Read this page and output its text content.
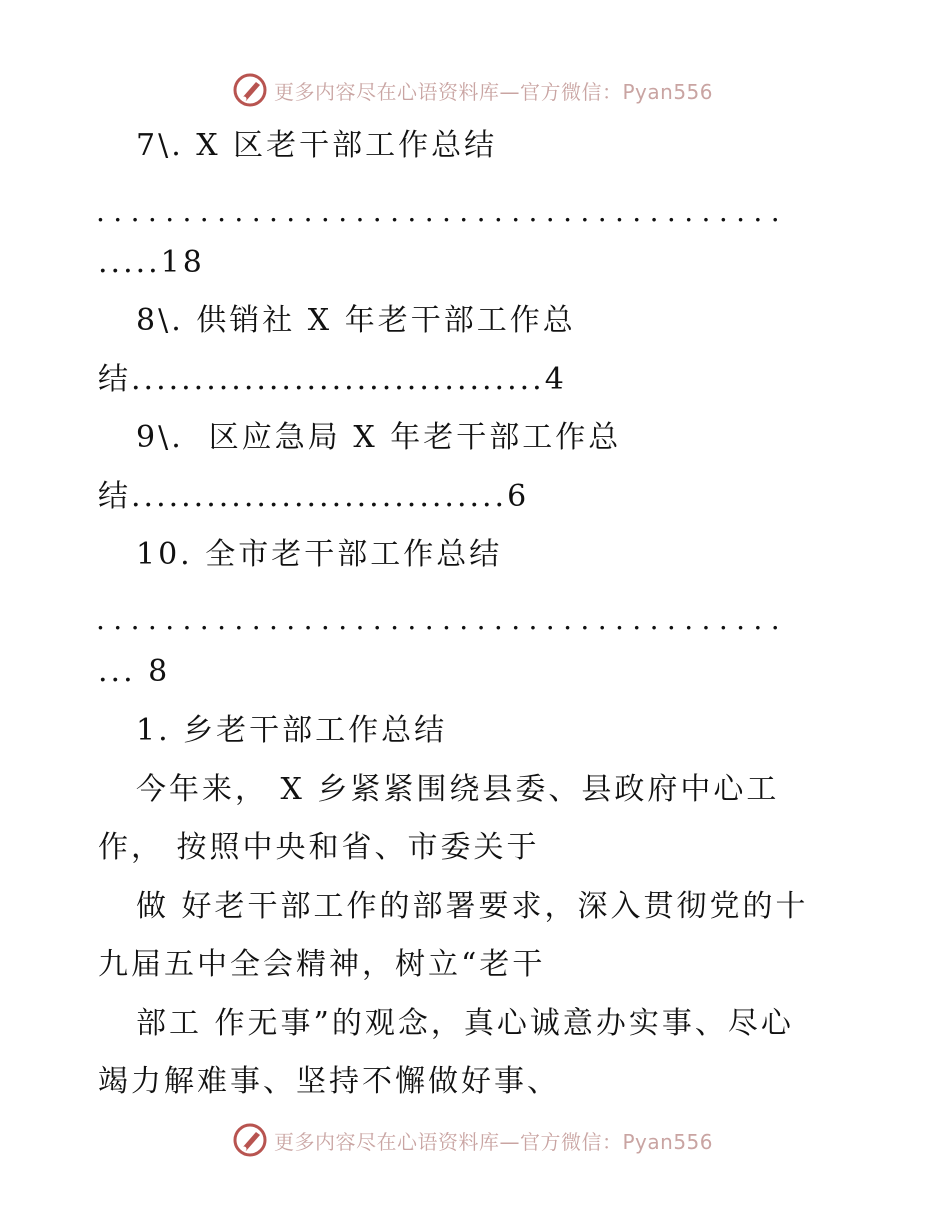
更多内容尽在心语资料库—官方微信：Pyan556
7\. X 区老干部工作总结
........................................
.....18
8\. 供销社 X 年老干部工作总
结.................................4
9\.  区应急局 X 年老干部工作总
结..............................6
10. 全市老干部工作总结
........................................
... 8
1. 乡老干部工作总结
今年来， X 乡紧紧围绕县委、县政府中心工
作， 按照中央和省、市委关于
做 好老干部工作的部署要求，深入贯彻党的十
九届五中全会精神，树立“老干
部工 作无事”的观念，真心诚意办实事、尽心
竭力解难事、坚持不懈做好事、
更多内容尽在心语资料库—官方微信：Pyan556
